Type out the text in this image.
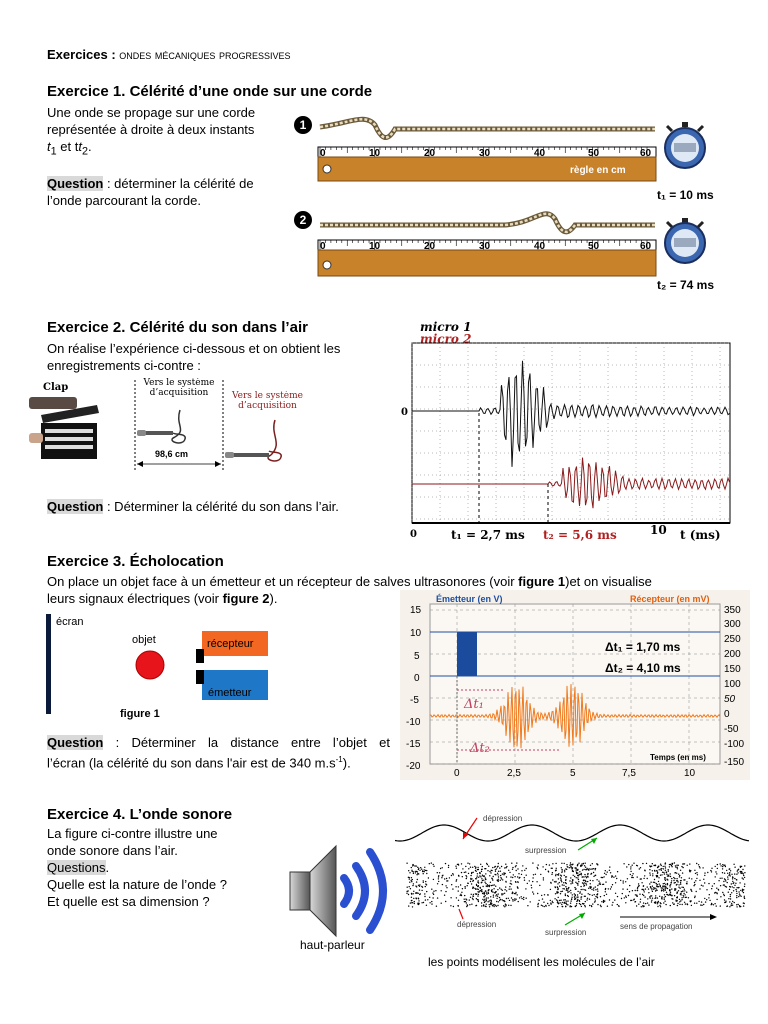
Exercices : ondes mécaniques progressives
Exercice 1. Célérité d’une onde sur une corde
Une onde se propage sur une corde
représentée à droite à deux instants
$t_1$ et $tt_2$.
Question : déterminer la célérité de
l’onde parcourant la corde.
1
règle en cm
0	10	20	30	40	50	60
t₁ = 10 ms
2
0	10	20	30	40	50	60
t₂ = 74 ms
Exercice 2. Célérité du son dans l’air
On réalise l’expérience ci-dessous et on obtient les
enregistrements ci-contre :
Clap	Vers le système d’acquisition	Vers le système d’acquisition
98,6 cm
Question : Déterminer la célérité du son dans l’air.
micro 1
micro 2
0
0	t₁ = 2,7 ms t₂ = 5,6 ms	10 t (ms)
Exercice 3. Écholocation
On place un objet face à un émetteur et un récepteur de salves ultrasonores (voir figure 1)et on visualise
leurs signaux électriques (voir figure 2).
écran
objet	récepteur
émetteur
figure 1
Question : Déterminer la distance entre l’objet et
l’écran (la célérité du son dans l'air est de 340 $m.s^{-1}$).
Émetteur (en V)	Récepteur (en mV)
15
10
5
0
-5
-10
-15
-20
350
300
250
200
150
100
50
0
-50
-100
-150
Δt₁
Δt₂
Δt₁ = 1,70 ms
Δt₂ = 4,10 ms
Temps (en ms)
0	2,5	5	7,5	10
Exercice 4. L’onde sonore
La figure ci-contre illustre une
onde sonore dans l’air.
Questions.
Quelle est la nature de l’onde ?
Et quelle est sa dimension ?
haut-parleur
dépression
surpression
dépression
surpression
sens de propagation
les points modélisent les molécules de l’air
